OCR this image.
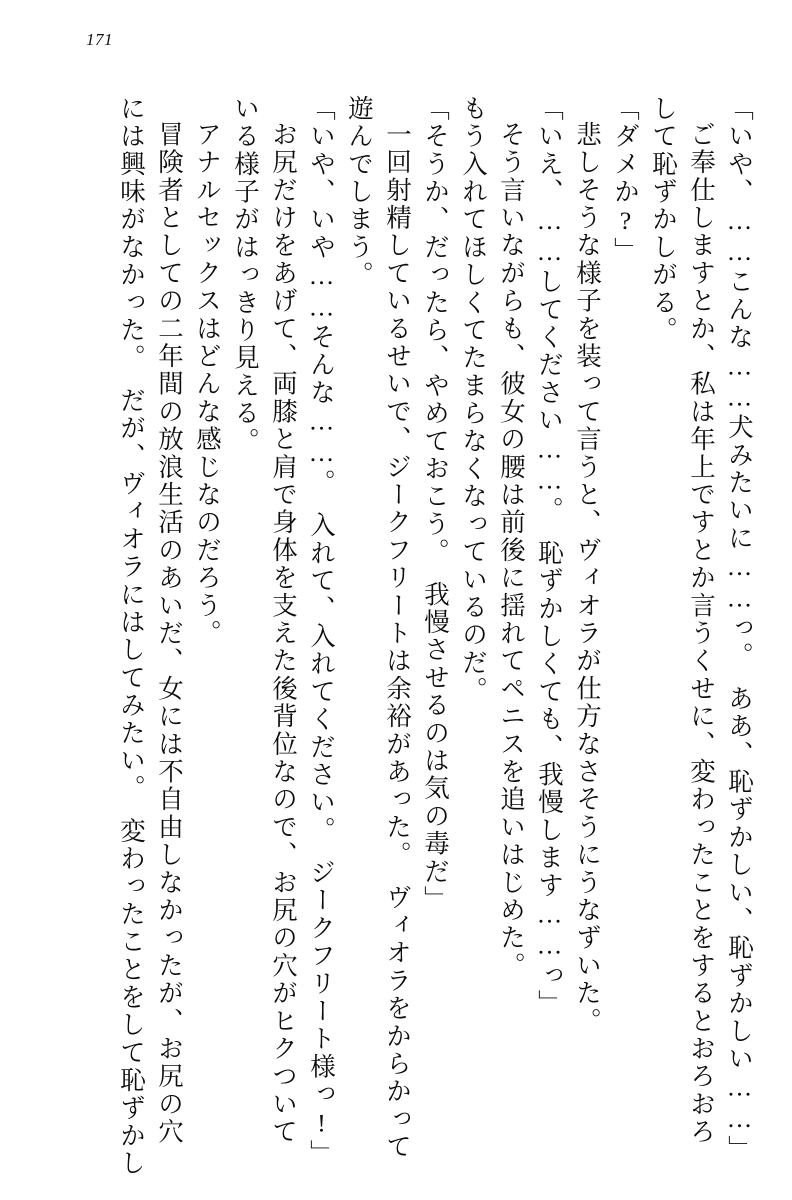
171
「いや、……こんな……犬みたいに……っ。　ああ、恥ずかしい、恥ずかしい……」
ご奉仕しますとか、私は年上ですとか言うくせに、変わったことをするとおろおろ
して恥ずかしがる。
「ダメか?」
悲しそうな様子を装って言うと、ヴィオラが仕方なさそうにうなずいた。
「いえ、……してください……。　恥ずかしくても、我慢します……っ」
そう言いながらも、彼女の腰は前後に揺れてペニスを追いはじめた。
もう入れてほしくてたまらなくなっているのだ。
「そうか、だったら、やめておこう。　我慢させるのは気の毒だ」
一回射精しているせいで、ジークフリートは余裕があった。　ヴィオラをからかって
遊んでしまう。
「いや、いや……そんな……。　入れて、入れてください。　ジークフリート様っ!」
お尻だけをあげて、両膝と肩で身体を支えた後背位なので、お尻の穴がヒクついて
いる様子がはっきり見える。
アナルセックスはどんな感じなのだろう。
冒険者としての二年間の放浪生活のあいだ、女には不自由しなかったが、お尻の穴
には興味がなかった。　だが、ヴィオラにはしてみたい。　変わったことをして恥ずかし
